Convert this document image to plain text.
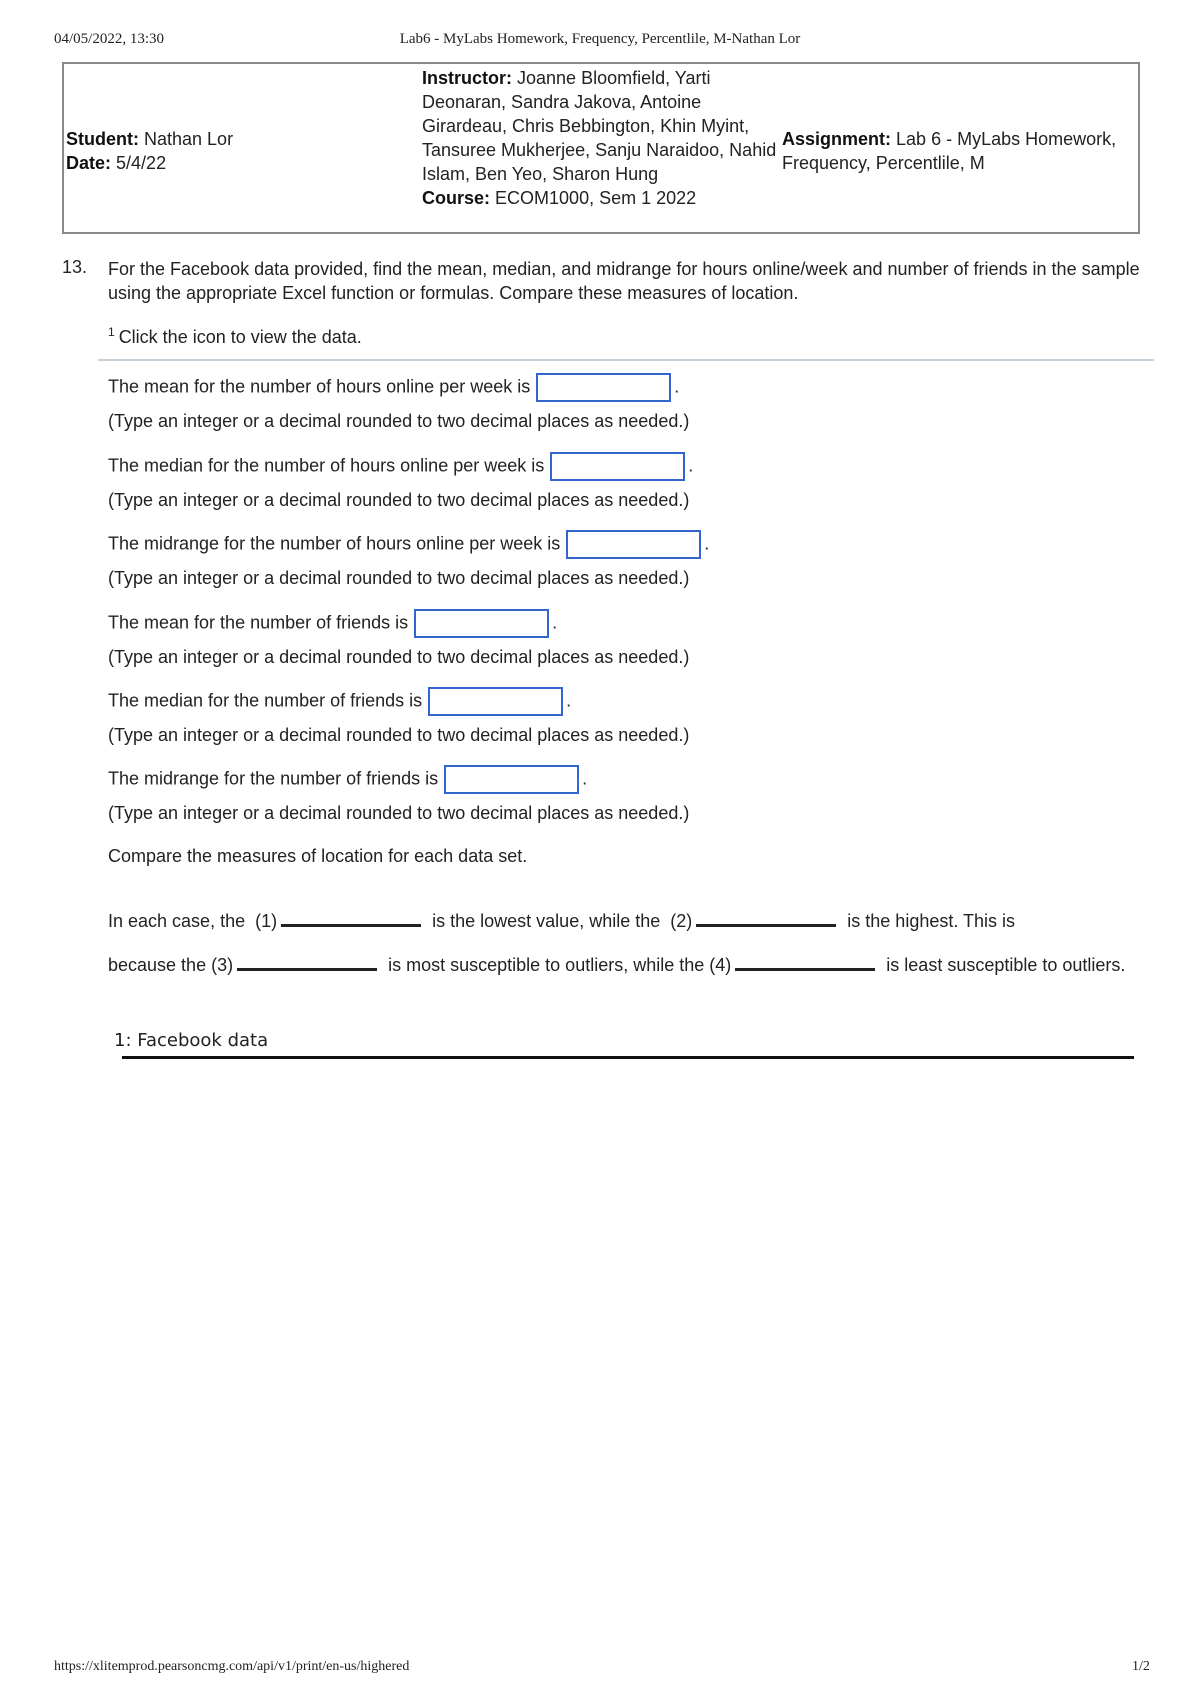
04/05/2022, 13:30	Lab6 - MyLabs Homework, Frequency, Percentlile, M-Nathan Lor
Student: Nathan Lor
Date: 5/4/22
Instructor: Joanne Bloomfield, Yarti Deonaran, Sandra Jakova, Antoine Girardeau, Chris Bebbington, Khin Myint, Tansuree Mukherjee, Sanju Naraidoo, Nahid Islam, Ben Yeo, Sharon Hung
Course: ECOM1000, Sem 1 2022
Assignment: Lab 6 - MyLabs Homework, Frequency, Percentlile, M
13. For the Facebook data provided, find the mean, median, and midrange for hours online/week and number of friends in the sample using the appropriate Excel function or formulas. Compare these measures of location.
$^1$ Click the icon to view the data.
The mean for the number of hours online per week is	.
(Type an integer or a decimal rounded to two decimal places as needed.)
The median for the number of hours online per week is	.
(Type an integer or a decimal rounded to two decimal places as needed.)
The midrange for the number of hours online per week is	.
(Type an integer or a decimal rounded to two decimal places as needed.)
The mean for the number of friends is	.
(Type an integer or a decimal rounded to two decimal places as needed.)
The median for the number of friends is	.
(Type an integer or a decimal rounded to two decimal places as needed.)
The midrange for the number of friends is	.
(Type an integer or a decimal rounded to two decimal places as needed.)
Compare the measures of location for each data set.
In each case, the (1)	is the lowest value, while the (2)	is the highest. This is
because the (3)	is most susceptible to outliers, while the (4)	is least susceptible to outliers.
1: Facebook data
https://xlitemprod.pearsoncmg.com/api/v1/print/en-us/highered	1/2
